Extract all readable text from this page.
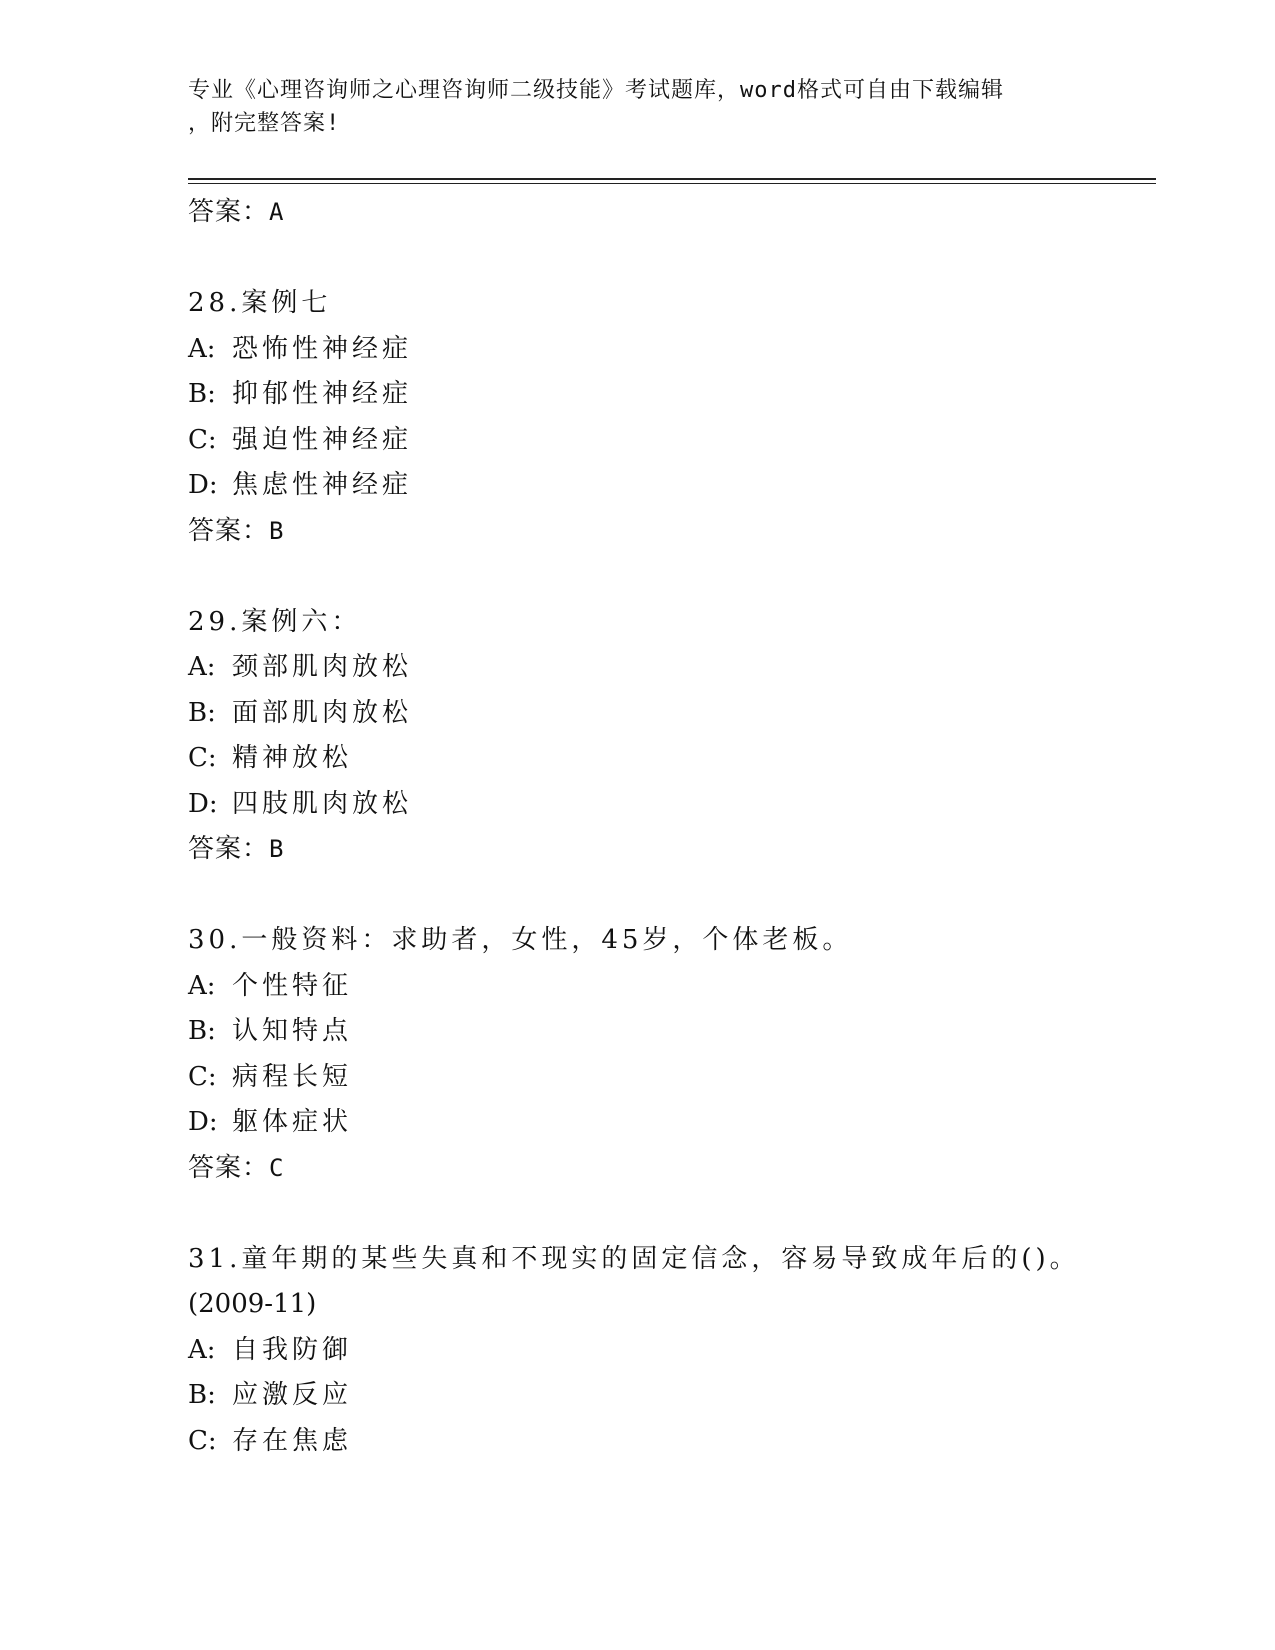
专业《心理咨询师之心理咨询师二级技能》考试题库，word格式可自由下载编辑
，附完整答案!
答案：A
28.案例七
A: 恐怖性神经症
B: 抑郁性神经症
C: 强迫性神经症
D: 焦虑性神经症
答案：B
29.案例六：
A: 颈部肌肉放松
B: 面部肌肉放松
C: 精神放松
D: 四肢肌肉放松
答案：B
30.一般资料：求助者，女性，45岁，个体老板。
A: 个性特征
B: 认知特点
C: 病程长短
D: 躯体症状
答案：C
31.童年期的某些失真和不现实的固定信念，容易导致成年后的()。
(2009-11)
A: 自我防御
B: 应激反应
C: 存在焦虑
